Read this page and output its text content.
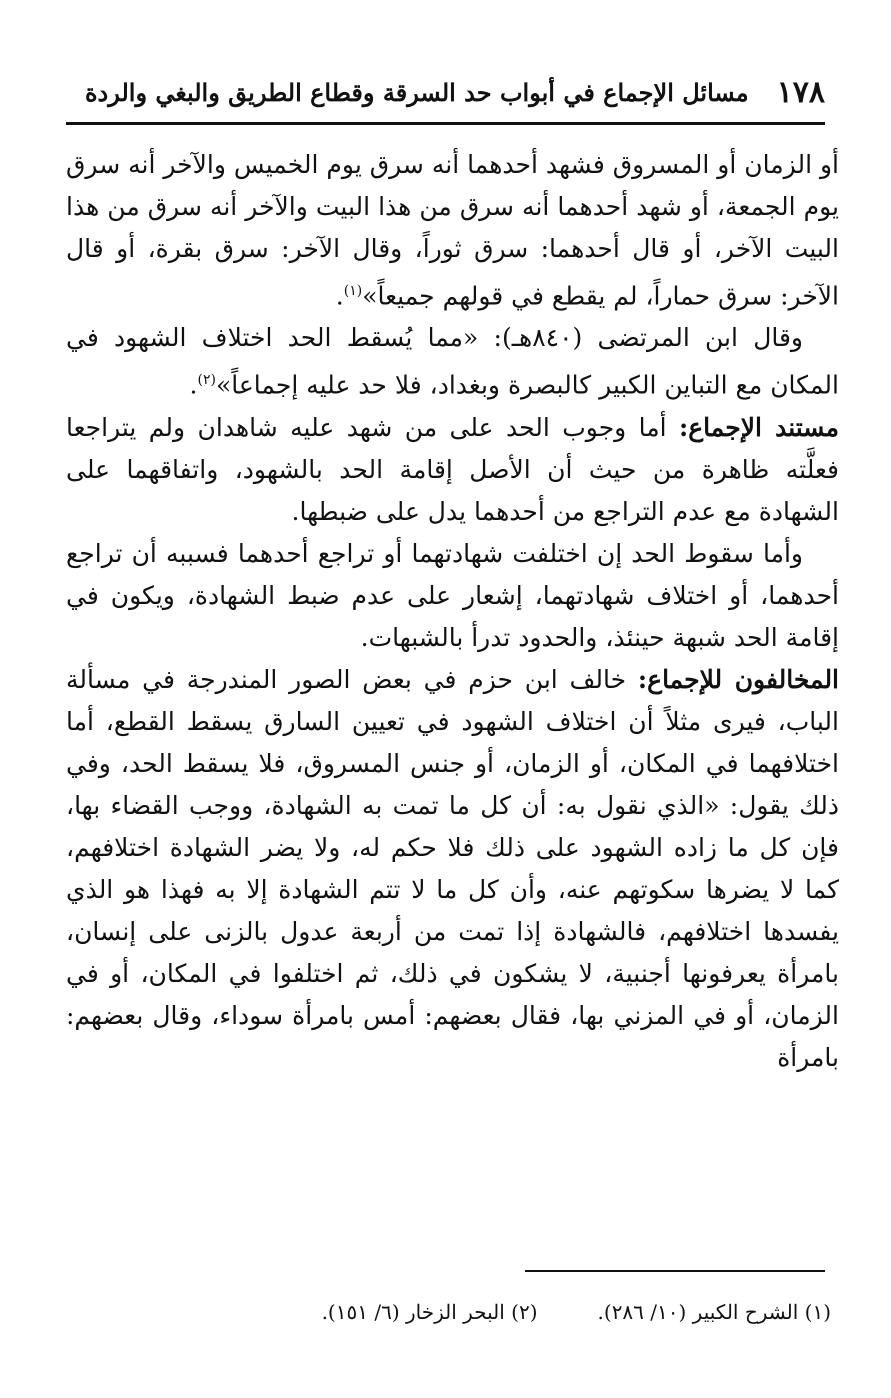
١٧٨
مسائل الإجماع في أبواب حد السرقة وقطاع الطريق والبغي والردة

أو الزمان أو المسروق فشهد أحدهما أنه سرق يوم الخميس والآخر أنه سرق يوم الجمعة، أو شهد أحدهما أنه سرق من هذا البيت والآخر أنه سرق من هذا البيت الآخر، أو قال أحدهما: سرق ثوراً، وقال الآخر: سرق بقرة، أو قال الآخر: سرق حماراً، لم يقطع في قولهم جميعاً»$^{(١)}$.

وقال ابن المرتضى (٨٤٠هـ): «مما يُسقط الحد اختلاف الشهود في المكان مع التباين الكبير كالبصرة وبغداد، فلا حد عليه إجماعاً»$^{(٢)}$.

مستند الإجماع: أما وجوب الحد على من شهد عليه شاهدان ولم يتراجعا فعلَّته ظاهرة من حيث أن الأصل إقامة الحد بالشهود، واتفاقهما على الشهادة مع عدم التراجع من أحدهما يدل على ضبطها.

وأما سقوط الحد إن اختلفت شهادتهما أو تراجع أحدهما فسببه أن تراجع أحدهما، أو اختلاف شهادتهما، إشعار على عدم ضبط الشهادة، ويكون في إقامة الحد شبهة حينئذ، والحدود تدرأ بالشبهات.

المخالفون للإجماع: خالف ابن حزم في بعض الصور المندرجة في مسألة الباب، فيرى مثلاً أن اختلاف الشهود في تعيين السارق يسقط القطع، أما اختلافهما في المكان، أو الزمان، أو جنس المسروق، فلا يسقط الحد، وفي ذلك يقول: «الذي نقول به: أن كل ما تمت به الشهادة، ووجب القضاء بها، فإن كل ما زاده الشهود على ذلك فلا حكم له، ولا يضر الشهادة اختلافهم، كما لا يضرها سكوتهم عنه، وأن كل ما لا تتم الشهادة إلا به فهذا هو الذي يفسدها اختلافهم، فالشهادة إذا تمت من أربعة عدول بالزنى على إنسان، بامرأة يعرفونها أجنبية، لا يشكون في ذلك، ثم اختلفوا في المكان، أو في الزمان، أو في المزني بها، فقال بعضهم: أمس بامرأة سوداء، وقال بعضهم: بامرأة

(١) الشرح الكبير (١٠/ ٢٨٦).
(٢) البحر الزخار (٦/ ١٥١).
